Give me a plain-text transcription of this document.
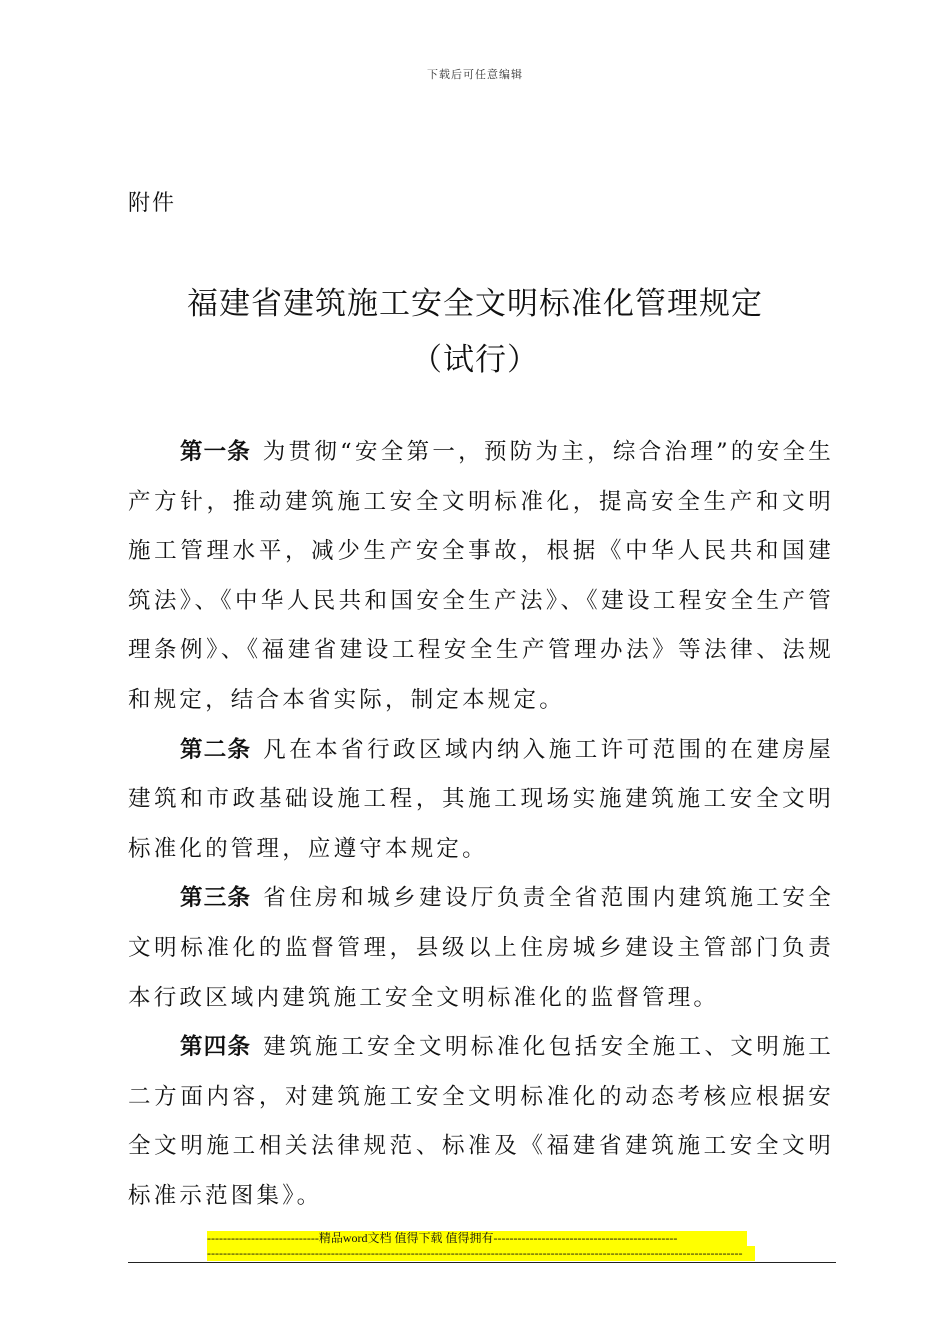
下载后可任意编辑
附件
福建省建筑施工安全文明标准化管理规定
（试行）

第一条 为贯彻“安全第一，预防为主，综合治理”的安全生产方针，推动建筑施工安全文明标准化，提高安全生产和文明施工管理水平，减少生产安全事故，根据《中华人民共和国建筑法》、《中华人民共和国安全生产法》、《建设工程安全生产管理条例》、《福建省建设工程安全生产管理办法》等法律、法规和规定，结合本省实际，制定本规定。

第二条 凡在本省行政区域内纳入施工许可范围的在建房屋建筑和市政基础设施工程，其施工现场实施建筑施工安全文明标准化的管理，应遵守本规定。

第三条 省住房和城乡建设厅负责全省范围内建筑施工安全文明标准化的监督管理，县级以上住房城乡建设主管部门负责本行政区域内建筑施工安全文明标准化的监督管理。

第四条 建筑施工安全文明标准化包括安全施工、文明施工二方面内容，对建筑施工安全文明标准化的动态考核应根据安全文明施工相关法律规范、标准及《福建省建筑施工安全文明标准示范图集》。

----------------------------精品word文档 值得下载 值得拥有----------------------------------------------
--------------------------------------------------------------------------------------------------------------------------------------
